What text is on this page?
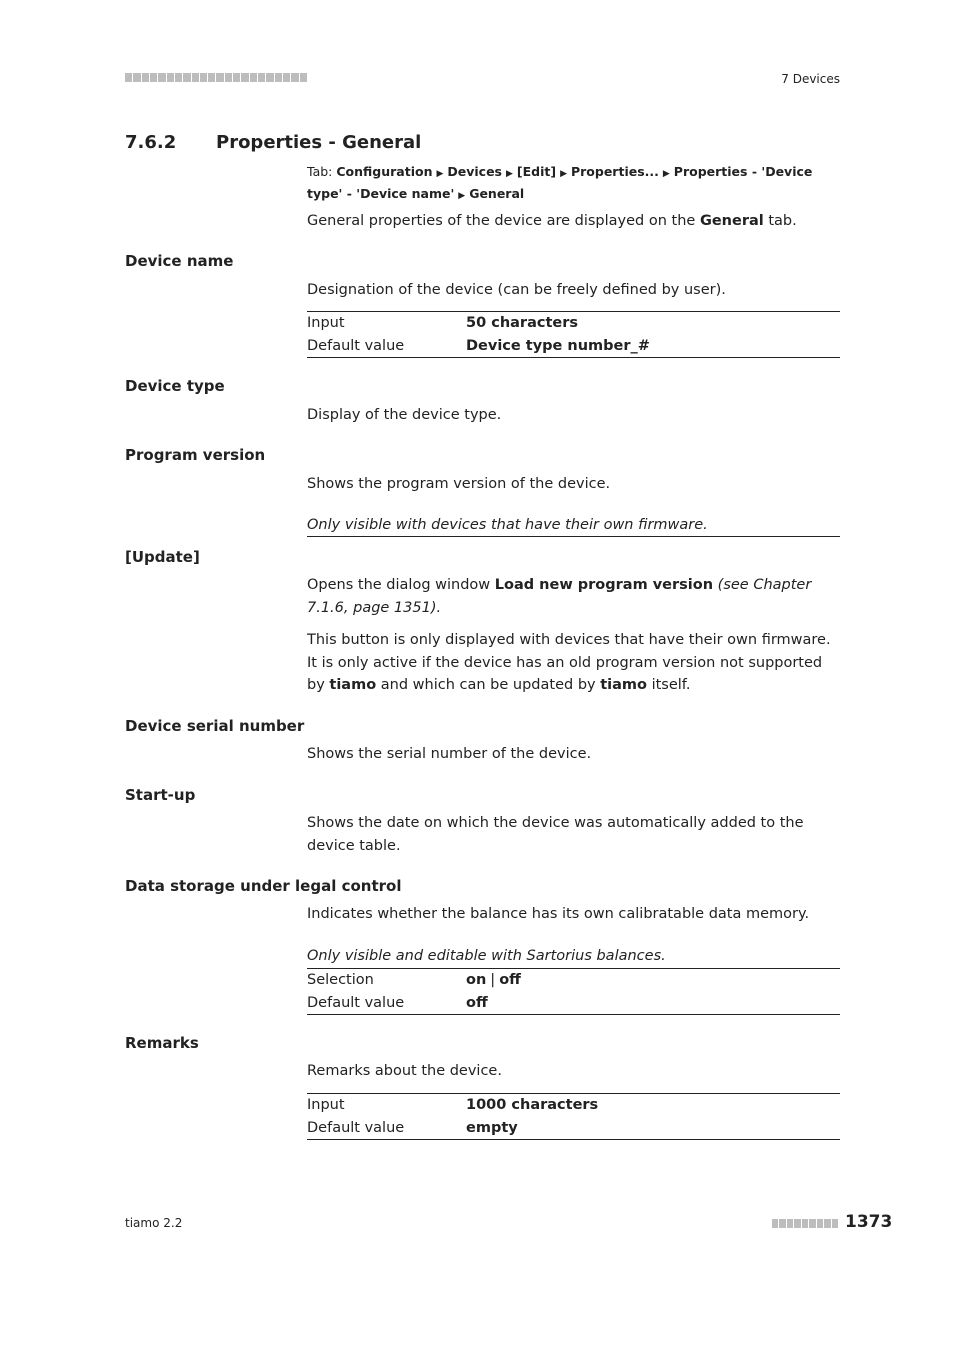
7 Devices
7.6.2 Properties - General
Tab: Configuration ▶ Devices ▶ [Edit] ▶ Properties... ▶ Properties - 'Device type' - 'Device name' ▶ General
General properties of the device are displayed on the General tab.
Device name
Designation of the device (can be freely defined by user).
Input	50 characters
Default value	Device type number_#
Device type
Display of the device type.
Program version
Shows the program version of the device.
Only visible with devices that have their own firmware.
[Update]
Opens the dialog window Load new program version (see Chapter 7.1.6, page 1351).
This button is only displayed with devices that have their own firmware. It is only active if the device has an old program version not supported by tiamo and which can be updated by tiamo itself.
Device serial number
Shows the serial number of the device.
Start-up
Shows the date on which the device was automatically added to the device table.
Data storage under legal control
Indicates whether the balance has its own calibratable data memory.
Only visible and editable with Sartorius balances.
Selection	on | off
Default value	off
Remarks
Remarks about the device.
Input	1000 characters
Default value	empty
tiamo 2.2	1373
